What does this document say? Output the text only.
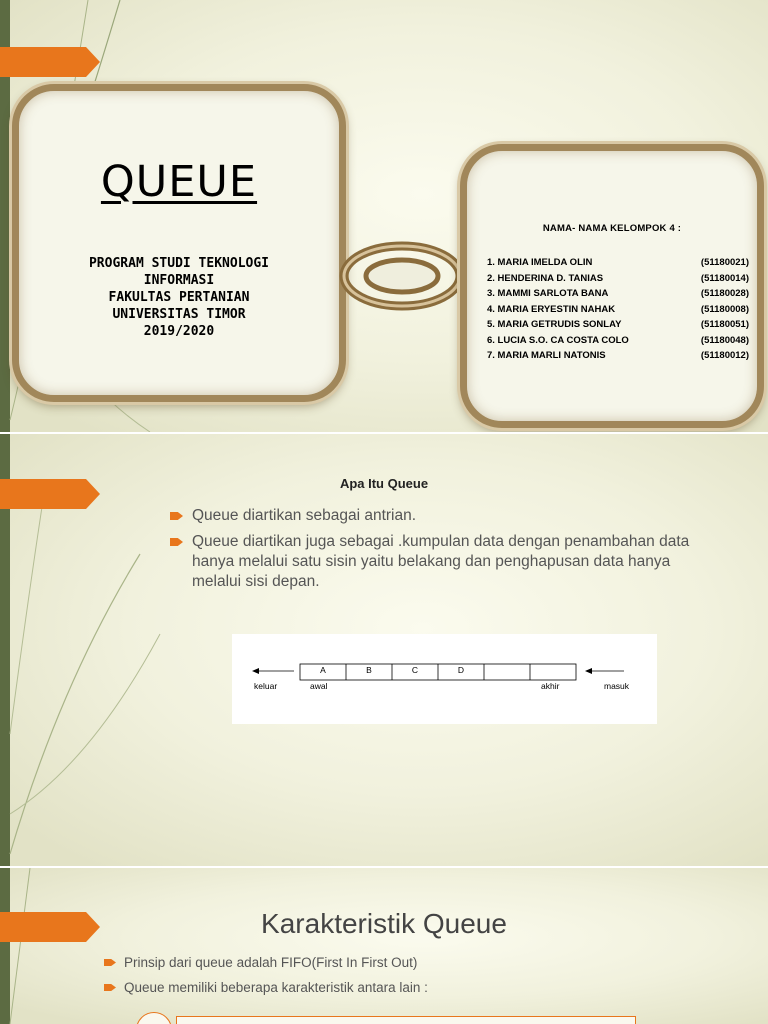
QUEUE
PROGRAM STUDI TEKNOLOGI
INFORMASI
FAKULTAS PERTANIAN
UNIVERSITAS TIMOR
2019/2020
NAMA- NAMA KELOMPOK 4 :
1. MARIA IMELDA OLIN	(51180021)
2. HENDERINA D. TANIAS	(51180014)
3. MAMMI SARLOTA BANA	(51180028)
4. MARIA ERYESTIN NAHAK	(51180008)
5. MARIA GETRUDIS SONLAY	(51180051)
6. LUCIA S.O. CA COSTA COLO	(51180048)
7. MARIA MARLI NATONIS	(51180012)
Apa Itu Queue
Queue diartikan sebagai antrian.
Queue diartikan juga sebagai .kumpulan data dengan penambahan data hanya melalui satu sisin yaitu belakang dan penghapusan data hanya melalui sisi depan.
A	B	C	D
keluar	awal	akhir	masuk
Karakteristik Queue
Prinsip dari queue adalah FIFO(First In First Out)
Queue memiliki beberapa karakteristik antara lain :
